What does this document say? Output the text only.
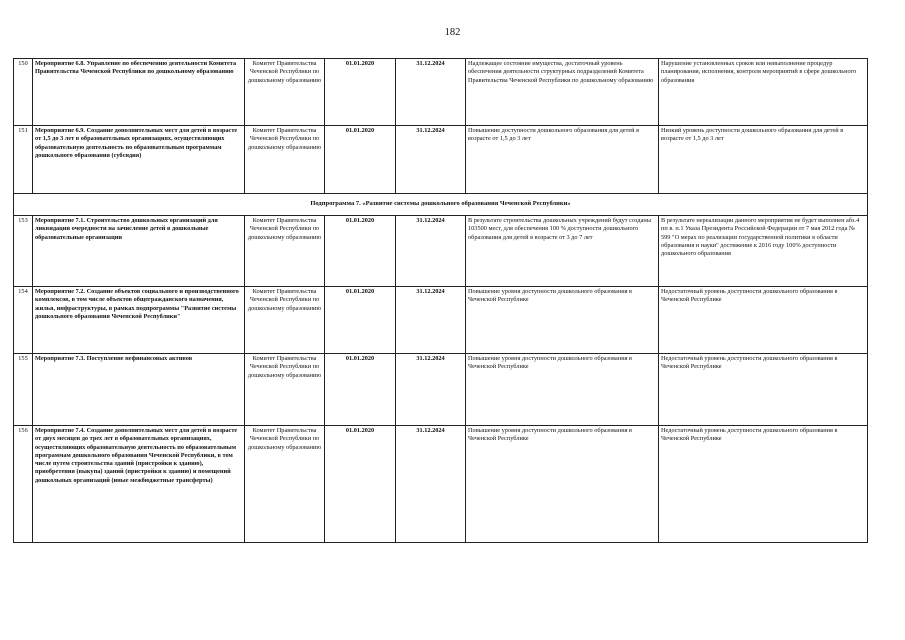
182
150	Мероприятие 6.8. Управление по обеспечению деятельности Комитета Правительства Чеченской Республики по дошкольному образованию	Комитет Правительства Чеченской Республики по дошкольному образованию	01.01.2020	31.12.2024	Надлежащее состояние имущества, достаточный уровень обеспечения деятельности структурных подразделений Комитета Правительства Чеченской Республики по дошкольному образованию	Нарушение установленных сроков или невыполнение процедур планирования, исполнения, контроля мероприятий в сфере дошкольного образования
151	Мероприятие 6.9. Создание дополнительных мест для детей в возрасте от 1,5 до 3 лет в образовательных организациях, осуществляющих образовательную деятельность по образовательным программам дошкольного образования (субсидия)	Комитет Правительства Чеченской Республики по дошкольному образованию	01.01.2020	31.12.2024	Повышение доступности дошкольного образования для детей в возрасте от 1,5 до 3 лет	Низкий уровень доступности дошкольного образования для детей в возрасте от 1,5 до 3 лет
Подпрограмма 7. «Развитие системы дошкольного образования Чеченской Республики»						
153	Мероприятие 7.1. Строительство дошкольных организаций для ликвидации очередности на зачисление детей в дошкольные образовательные организации	Комитет Правительства Чеченской Республики по дошкольному образованию	01.01.2020	31.12.2024	В результате строительства дошкольных учреждений будут созданы 103500 мест, для обеспечения 100 % доступности дошкольного образования для детей в возрасте от 3 до 7 лет	В результате нереализации данного мероприятия не будет выполнен абз.4 пп в. п.1 Указа Президента Российской Федерации от 7 мая 2012 года № 599 "О мерах по реализации государственной политики в области образования и науки" достижение к 2016 году 100% доступности дошкольного образования
154	Мероприятие 7.2. Создание объектов социального и производственного комплексов, в том числе объектов общегражданского назначения, жилья, инфраструктуры, в рамках подпрограммы "Развитие системы дошкольного образования Чеченской Республики"	Комитет Правительства Чеченской Республики по дошкольному образованию	01.01.2020	31.12.2024	Повышение уровня доступности дошкольного образования в Чеченской Республике	Недостаточный уровень доступности дошкольного образования в Чеченской Республике
155	Мероприятие 7.3. Поступление нефинансовых активов	Комитет Правительства Чеченской Республики по дошкольному образованию	01.01.2020	31.12.2024	Повышение уровня доступности дошкольного образования в Чеченской Республике	Недостаточный уровень доступности дошкольного образования в Чеченской Республике
156	Мероприятие 7.4. Создание дополнительных мест для детей в возрасте от двух месяцев до трех лет в образовательных организациях, осуществляющих образовательную деятельность по образовательным программам дошкольного образования Чеченской Республики, в том числе путем строительства зданий (пристройки к зданию), приобретения (выкупа) зданий (пристройки к зданию) и помещений дошкольных организаций (иные межбюджетные трансферты)	Комитет Правительства Чеченской Республики по дошкольному образованию	01.01.2020	31.12.2024	Повышение уровня доступности дошкольного образования в Чеченской Республике	Недостаточный уровень доступности дошкольного образования в Чеченской Республике
